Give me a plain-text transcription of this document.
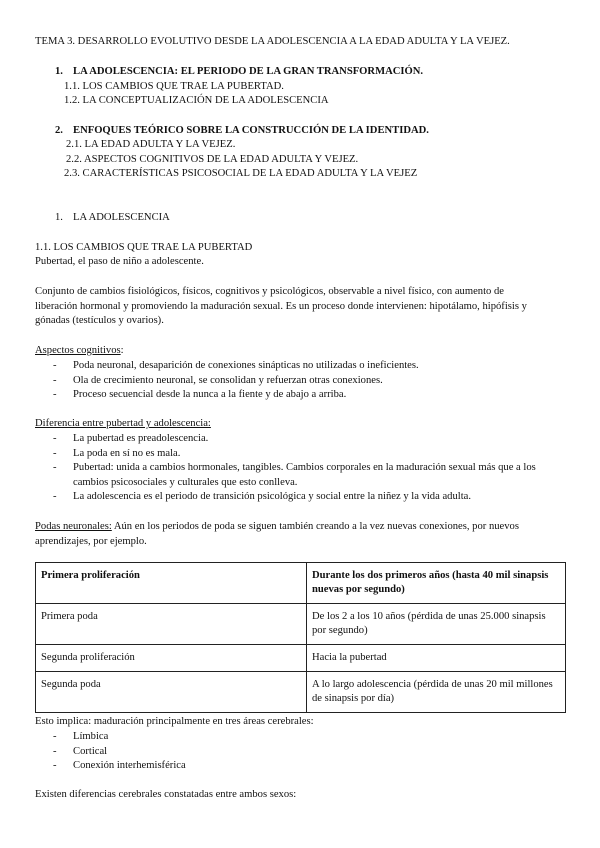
TEMA 3. DESARROLLO EVOLUTIVO DESDE LA ADOLESCENCIA A LA EDAD ADULTA Y LA VEJEZ.
1. LA ADOLESCENCIA: EL PERIODO DE LA GRAN TRANSFORMACIÓN.
1.1. LOS CAMBIOS QUE TRAE LA PUBERTAD.
1.2. LA CONCEPTUALIZACIÓN DE LA ADOLESCENCIA
2. ENFOQUES TEÓRICO SOBRE LA CONSTRUCCIÓN DE LA IDENTIDAD.
2.1. LA EDAD ADULTA Y LA VEJEZ.
2.2. ASPECTOS COGNITIVOS DE LA EDAD ADULTA Y VEJEZ.
2.3. CARACTERÍSTICAS PSICOSOCIAL DE LA EDAD ADULTA Y LA VEJEZ
1. LA ADOLESCENCIA
1.1. LOS CAMBIOS QUE TRAE LA PUBERTAD
Pubertad, el paso de niño a adolescente.
Conjunto de cambios fisiológicos, físicos, cognitivos y psicológicos, observable a nivel físico, con aumento de
liberación hormonal y promoviendo la maduración sexual. Es un proceso donde intervienen: hipotálamo, hipófisis y
gónadas (testículos y ovarios).
Aspectos cognitivos:
- Poda neuronal, desaparición de conexiones sinápticas no utilizadas o ineficientes.
- Ola de crecimiento neuronal, se consolidan y refuerzan otras conexiones.
- Proceso secuencial desde la nunca a la fiente y de abajo a arriba.
Diferencia entre pubertad y adolescencia:
- La pubertad es preadolescencia.
- La poda en sí no es mala.
- Pubertad: unida a cambios hormonales, tangibles. Cambios corporales en la maduración sexual más que a los
cambios psicosociales y culturales que esto conlleva.
- La adolescencia es el periodo de transición psicológica y social entre la niñez y la vida adulta.
Podas neuronales: Aún en los periodos de poda se siguen también creando a la vez nuevas conexiones, por nuevos
aprendizajes, por ejemplo.
Primera proliferación	Durante los dos primeros años (hasta 40 mil sinapsis nuevas por segundo)
Primera poda	De los 2 a los 10 años (pérdida de unas 25.000 sinapsis por segundo)
Segunda proliferación	Hacia la pubertad
Segunda poda	A lo largo adolescencia (pérdida de unas 20 mil millones de sinapsis por día)
Esto implica: maduración principalmente en tres áreas cerebrales:
- Límbica
- Cortical
- Conexión interhemisférica
Existen diferencias cerebrales constatadas entre ambos sexos:
